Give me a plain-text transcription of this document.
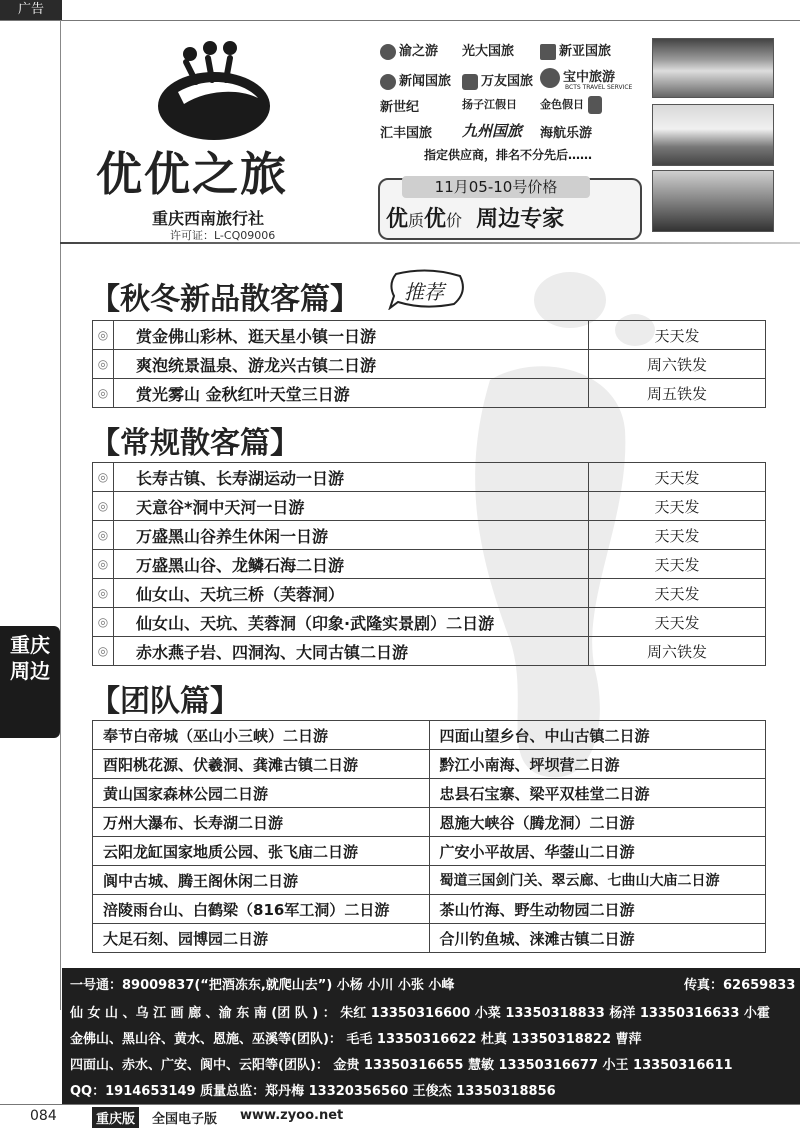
广告
优优之旅
重庆西南旅行社
许可证：L-CQ09006
渝之游 光大国旅	新亚国旅
新闻国旅	万友国旅	宝中旅游
BCTS TRAVEL SERVICE
新世纪	扬子江假日 金色假日
汇丰国旅 九州国旅 海航乐游
指定供应商，排名不分先后……
11月05-10号价格
优质优价 周边专家
重庆
周边
【秋冬新品散客篇】 推荐
◎	赏金佛山彩林、逛天星小镇一日游	天天发
◎	爽泡统景温泉、游龙兴古镇二日游	周六铁发
◎	赏光雾山 金秋红叶天堂三日游	周五铁发
【常规散客篇】
◎	长寿古镇、长寿湖运动一日游	天天发
◎	天意谷*洞中天河一日游	天天发
◎	万盛黑山谷养生休闲一日游	天天发
◎	万盛黑山谷、龙鳞石海二日游	天天发
◎	仙女山、天坑三桥（芙蓉洞）	天天发
◎	仙女山、天坑、芙蓉洞（印象·武隆实景剧）二日游	天天发
◎	赤水燕子岩、四洞沟、大同古镇二日游	周六铁发
【团队篇】
奉节白帝城（巫山小三峡）二日游	四面山望乡台、中山古镇二日游
酉阳桃花源、伏羲洞、龚滩古镇二日游	黔江小南海、坪坝营二日游
黄山国家森林公园二日游	忠县石宝寨、梁平双桂堂二日游
万州大瀑布、长寿湖二日游	恩施大峡谷（腾龙洞）二日游
云阳龙缸国家地质公园、张飞庙二日游	广安小平故居、华蓥山二日游
阆中古城、腾王阁休闲二日游	蜀道三国剑门关、翠云廊、七曲山大庙二日游
涪陵雨台山、白鹤梁（816军工洞）二日游	茶山竹海、野生动物园二日游
大足石刻、园博园二日游	合川钓鱼城、涞滩古镇二日游
一号通：89009837(“把酒冻东,就爬山去”) 小杨 小川 小张 小峰	传真：62659833
仙 女 山 、乌 江 画 廊 、渝 东 南 (团 队 ) ： 朱红 13350316600 小菜 13350318833 杨洋 13350316633 小霍
金佛山、黑山谷、黄水、恩施、巫溪等(团队)： 毛毛 13350316622 杜真 13350318822 曹萍
四面山、赤水、广安、阆中、云阳等(团队)： 金贵 13350316655 慧敏 13350316677 小王 13350316611
QQ：1914653149 质量总监：郑丹梅 13320356560 王俊杰 13350318856
084	重庆版	全国电子版 www.zyoo.net
